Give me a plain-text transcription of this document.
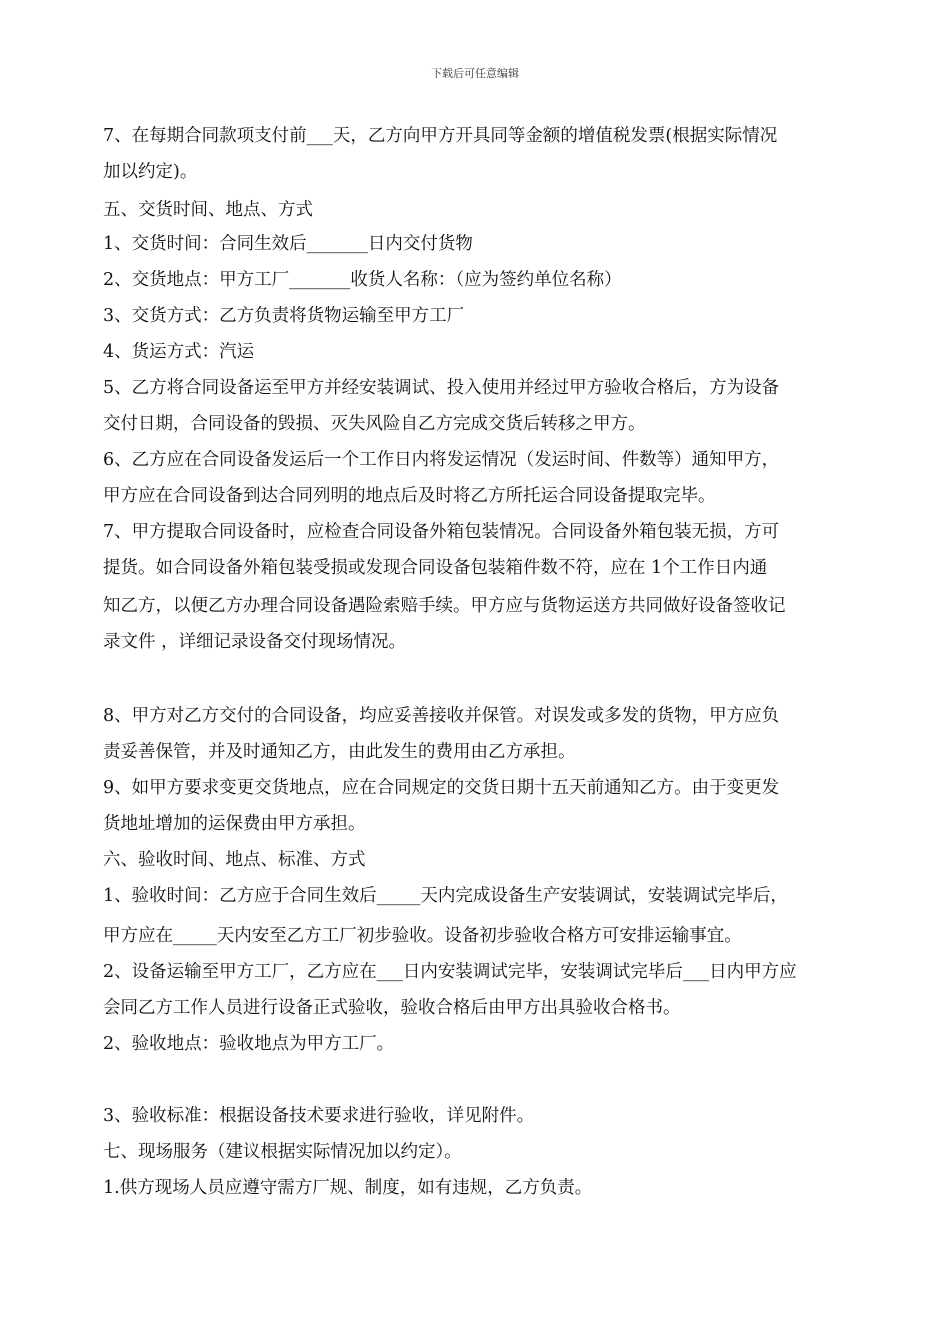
下载后可任意编辑
7、在每期合同款项支付前___天，乙方向甲方开具同等金额的增值税发票(根据实际情况
加以约定)。
五、交货时间、地点、方式
1、交货时间：合同生效后_______日内交付货物
2、交货地点：甲方工厂_______收货人名称：（应为签约单位名称）
3、交货方式：乙方负责将货物运输至甲方工厂
4、货运方式：汽运
5、乙方将合同设备运至甲方并经安装调试、投入使用并经过甲方验收合格后，方为设备
交付日期，合同设备的毁损、灭失风险自乙方完成交货后转移之甲方。
6、乙方应在合同设备发运后一个工作日内将发运情况（发运时间、件数等）通知甲方，
甲方应在合同设备到达合同列明的地点后及时将乙方所托运合同设备提取完毕。
7、甲方提取合同设备时，应检查合同设备外箱包装情况。合同设备外箱包装无损，方可
提货。如合同设备外箱包装受损或发现合同设备包装箱件数不符，应在 1个工作日内通
知乙方，以便乙方办理合同设备遇险索赔手续。甲方应与货物运送方共同做好设备签收记
录文件 ，详细记录设备交付现场情况。
8、甲方对乙方交付的合同设备，均应妥善接收并保管。对误发或多发的货物，甲方应负
责妥善保管，并及时通知乙方，由此发生的费用由乙方承担。
9、如甲方要求变更交货地点，应在合同规定的交货日期十五天前通知乙方。由于变更发
货地址增加的运保费由甲方承担。
六、验收时间、地点、标准、方式
1、验收时间：乙方应于合同生效后_____天内完成设备生产安装调试，安装调试完毕后，
甲方应在_____天内安至乙方工厂初步验收。设备初步验收合格方可安排运输事宜。
2、设备运输至甲方工厂，乙方应在___日内安装调试完毕，安装调试完毕后___日内甲方应
会同乙方工作人员进行设备正式验收，验收合格后由甲方出具验收合格书。
2、验收地点：验收地点为甲方工厂。
3、验收标准：根据设备技术要求进行验收，详见附件。
七、现场服务（建议根据实际情况加以约定）。
1.供方现场人员应遵守需方厂规、制度，如有违规，乙方负责。
